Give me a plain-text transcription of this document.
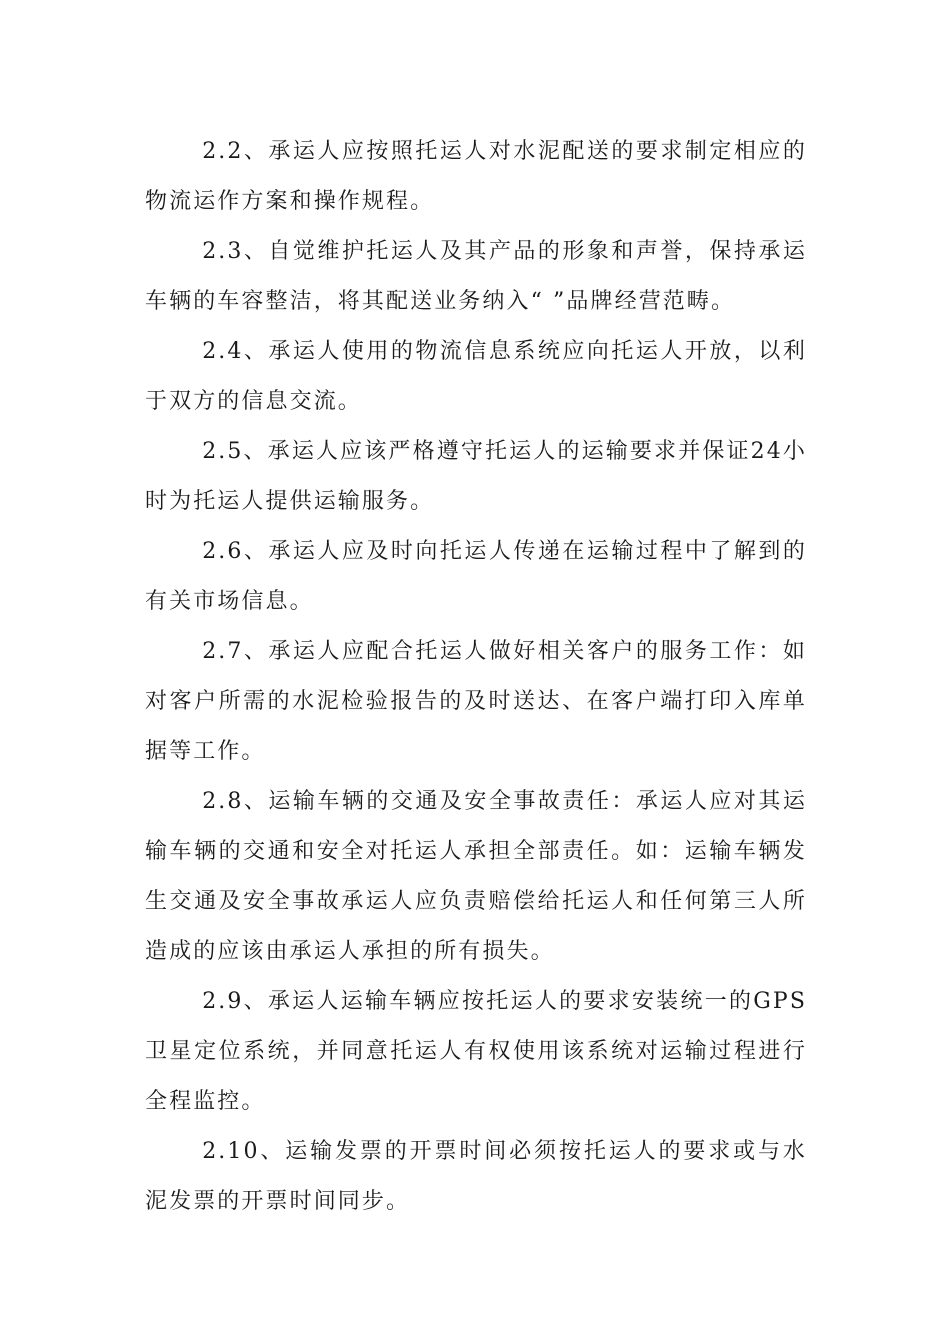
2.2、承运人应按照托运人对水泥配送的要求制定相应的物流运作方案和操作规程。

2.3、自觉维护托运人及其产品的形象和声誉，保持承运车辆的车容整洁，将其配送业务纳入“ ”品牌经营范畴。

2.4、承运人使用的物流信息系统应向托运人开放，以利于双方的信息交流。

2.5、承运人应该严格遵守托运人的运输要求并保证24小时为托运人提供运输服务。

2.6、承运人应及时向托运人传递在运输过程中了解到的有关市场信息。

2.7、承运人应配合托运人做好相关客户的服务工作：如对客户所需的水泥检验报告的及时送达、在客户端打印入库单据等工作。

2.8、运输车辆的交通及安全事故责任：承运人应对其运输车辆的交通和安全对托运人承担全部责任。如：运输车辆发生交通及安全事故承运人应负责赔偿给托运人和任何第三人所造成的应该由承运人承担的所有损失。

2.9、承运人运输车辆应按托运人的要求安装统一的GPS卫星定位系统，并同意托运人有权使用该系统对运输过程进行全程监控。

2.10、运输发票的开票时间必须按托运人的要求或与水泥发票的开票时间同步。
